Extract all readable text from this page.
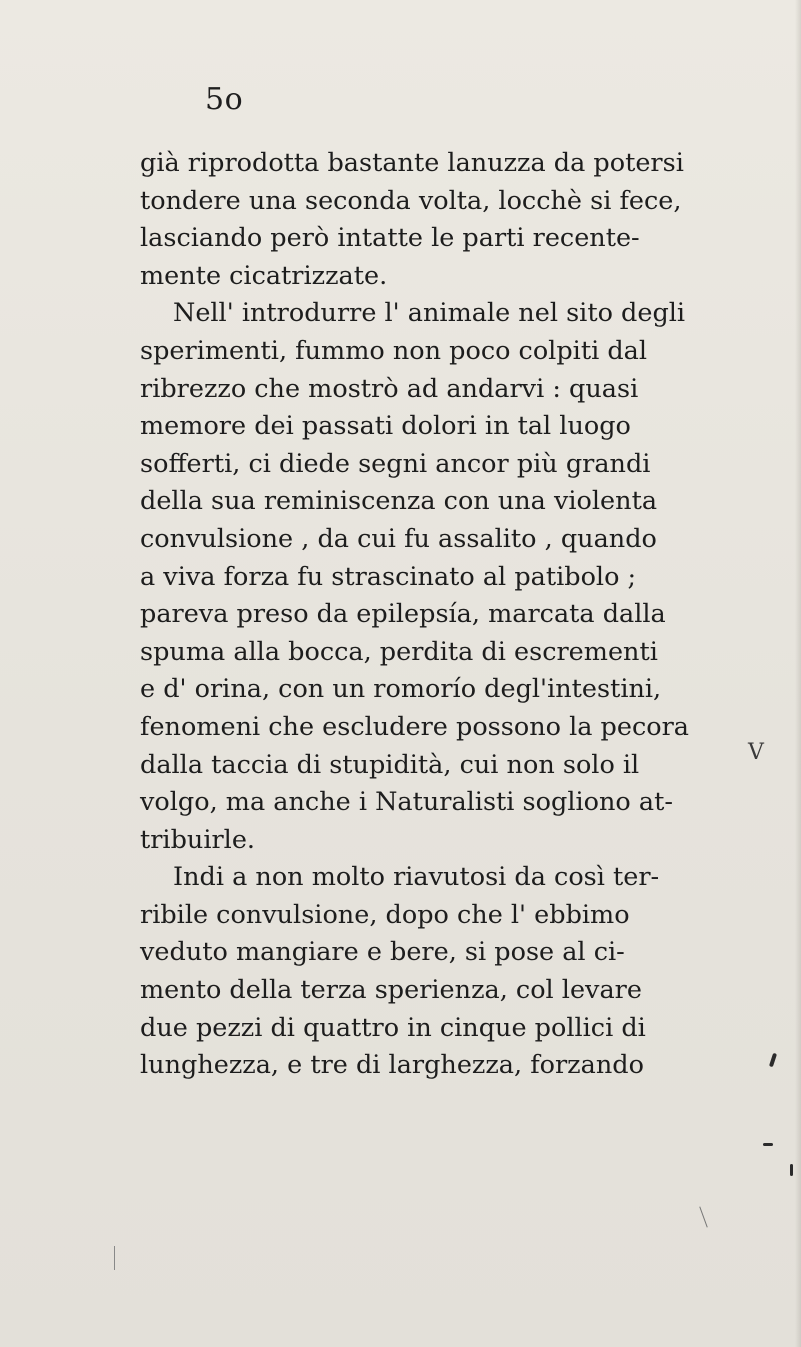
5o
già riprodotta bastante lanuzza da potersi
tondere una seconda volta, locchè si fece,
lasciando però intatte le parti recente-
mente cicatrizzate.
Nell' introdurre l' animale nel sito degli
sperimenti, fummo non poco colpiti dal
ribrezzo che mostrò ad andarvi : quasi
memore dei passati dolori in tal luogo
sofferti, ci diede segni ancor più grandi
della sua reminiscenza con una violenta
convulsione , da cui fu assalito , quando
a viva forza fu strascinato al patibolo ;
pareva preso da epilepsía, marcata dalla
spuma alla bocca, perdita di escrementi
e d' orina, con un romorío degl'intestini,
fenomeni che escludere possono la pecora
dalla taccia di stupidità, cui non solo il
volgo, ma anche i Naturalisti sogliono at-
tribuirle.
Indi a non molto riavutosi da così ter-
ribile convulsione, dopo che l' ebbimo
veduto mangiare e bere, si pose al ci-
mento della terza sperienza, col levare
due pezzi di quattro in cinque pollici di
lunghezza, e tre di larghezza, forzando
V
